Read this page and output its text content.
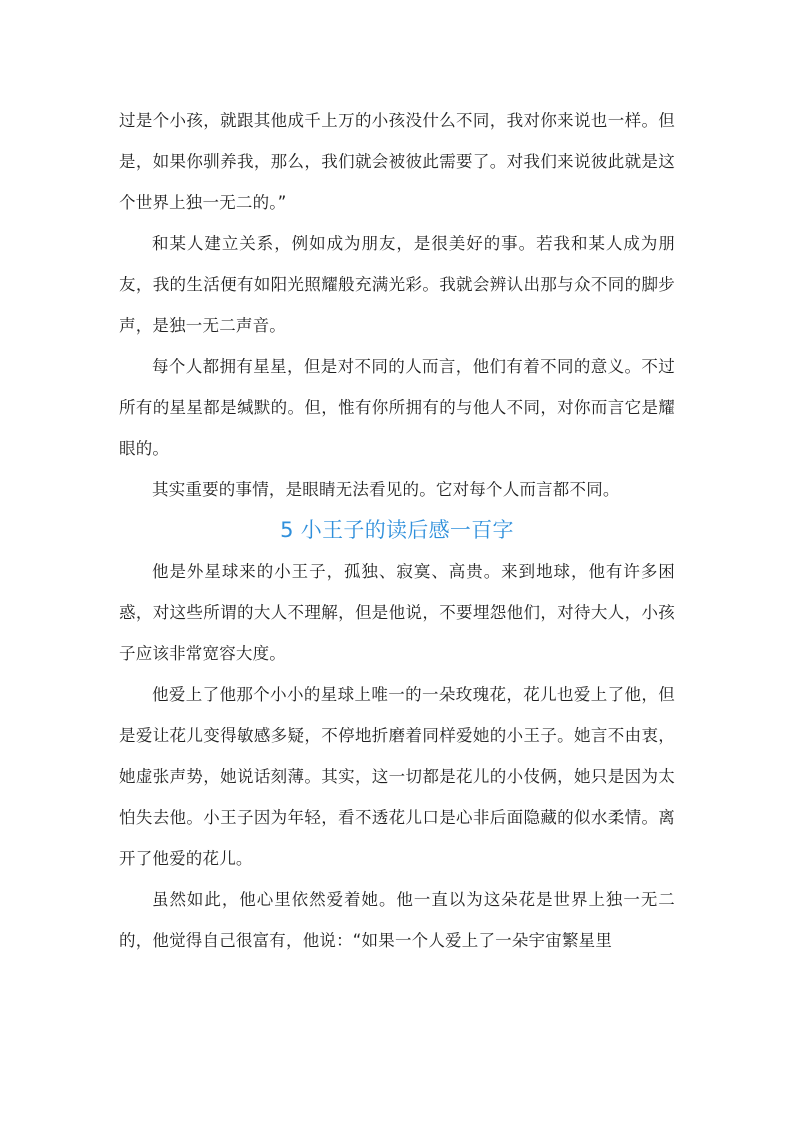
过是个小孩，就跟其他成千上万的小孩没什么不同，我对你来说也一样。但是，如果你驯养我，那么，我们就会被彼此需要了。对我们来说彼此就是这个世界上独一无二的。”

和某人建立关系，例如成为朋友，是很美好的事。若我和某人成为朋友，我的生活便有如阳光照耀般充满光彩。我就会辨认出那与众不同的脚步声，是独一无二声音。

每个人都拥有星星，但是对不同的人而言，他们有着不同的意义。不过所有的星星都是缄默的。但，惟有你所拥有的与他人不同，对你而言它是耀眼的。

其实重要的事情，是眼睛无法看见的。它对每个人而言都不同。

5 小王子的读后感一百字

他是外星球来的小王子，孤独、寂寞、高贵。来到地球，他有许多困惑，对这些所谓的大人不理解，但是他说，不要埋怨他们，对待大人，小孩子应该非常宽容大度。

他爱上了他那个小小的星球上唯一的一朵玫瑰花，花儿也爱上了他，但是爱让花儿变得敏感多疑，不停地折磨着同样爱她的小王子。她言不由衷，她虚张声势，她说话刻薄。其实，这一切都是花儿的小伎俩，她只是因为太怕失去他。小王子因为年轻，看不透花儿口是心非后面隐藏的似水柔情。离开了他爱的花儿。

虽然如此，他心里依然爱着她。他一直以为这朵花是世界上独一无二的，他觉得自己很富有，他说：“如果一个人爱上了一朵宇宙繁星里
